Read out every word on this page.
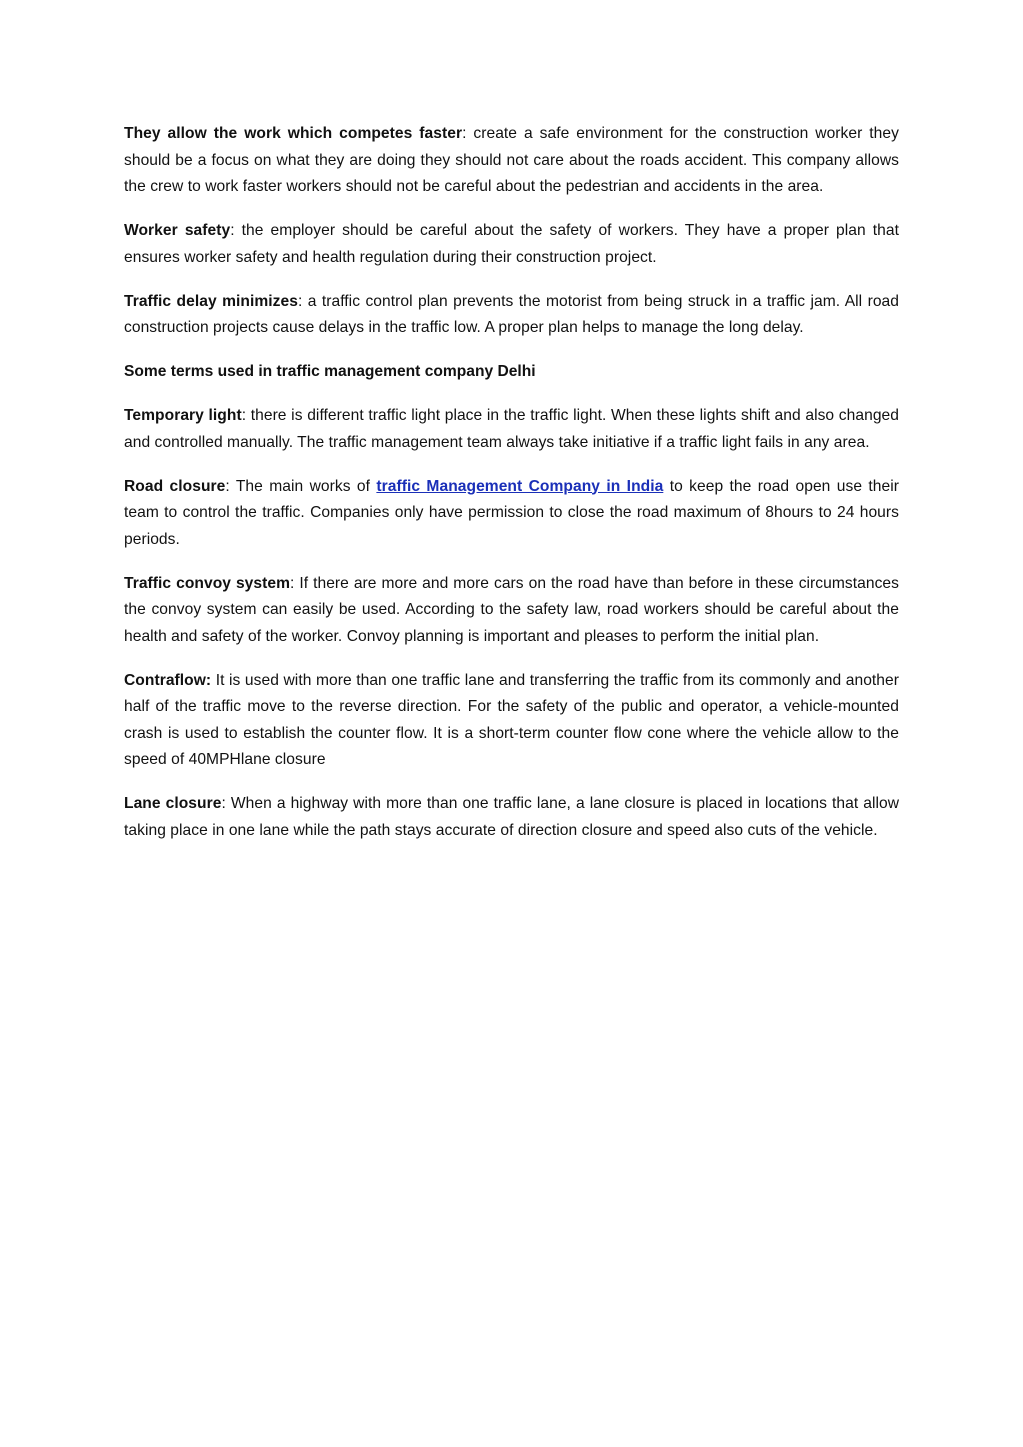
They allow the work which competes faster: create a safe environment for the construction worker they should be a focus on what they are doing they should not care about the roads accident. This company allows the crew to work faster workers should not be careful about the pedestrian and accidents in the area.

Worker safety: the employer should be careful about the safety of workers. They have a proper plan that ensures worker safety and health regulation during their construction project.

Traffic delay minimizes: a traffic control plan prevents the motorist from being struck in a traffic jam. All road construction projects cause delays in the traffic low. A proper plan helps to manage the long delay.

Some terms used in traffic management company Delhi

Temporary light: there is different traffic light place in the traffic light. When these lights shift and also changed and controlled manually. The traffic management team always take initiative if a traffic light fails in any area.

Road closure: The main works of traffic Management Company in India to keep the road open use their team to control the traffic. Companies only have permission to close the road maximum of 8hours to 24 hours periods.

Traffic convoy system: If there are more and more cars on the road have than before in these circumstances the convoy system can easily be used. According to the safety law, road workers should be careful about the health and safety of the worker. Convoy planning is important and pleases to perform the initial plan.

Contraflow: It is used with more than one traffic lane and transferring the traffic from its commonly and another half of the traffic move to the reverse direction. For the safety of the public and operator, a vehicle-mounted crash is used to establish the counter flow. It is a short-term counter flow cone where the vehicle allow to the speed of 40MPHlane closure

Lane closure: When a highway with more than one traffic lane, a lane closure is placed in locations that allow taking place in one lane while the path stays accurate of direction closure and speed also cuts of the vehicle.
